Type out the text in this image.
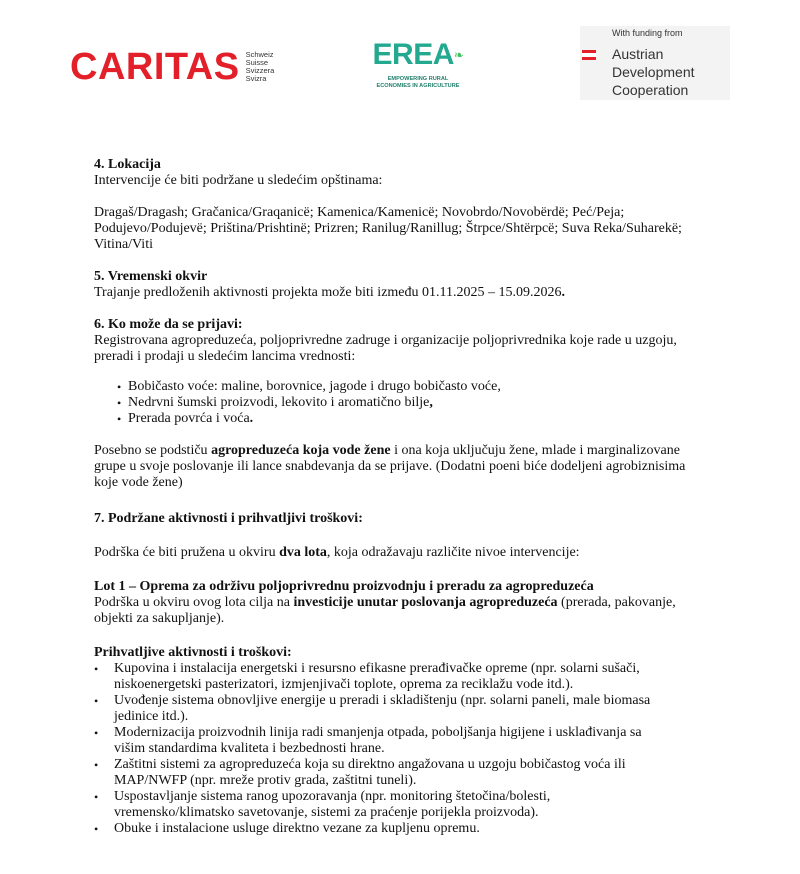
CARITAS Schweiz
Suisse
Svizzera
Svizra
EREA❧
EMPOWERING RURAL
ECONOMIES IN AGRICULTURE
With funding from
Austrian
Development
Cooperation

4. Lokacija

Intervencije će biti podržane u sledećim opštinama:

Dragaš/Dragash; Gračanica/Graqanicë; Kamenica/Kamenicë; Novobrdo/Novobërdë; Peć/Peja;

Podujevo/Podujevë; Priština/Prishtinë; Prizren; Ranilug/Ranillug; Štrpce/Shtërpcë; Suva Reka/Suharekë;

Vitina/Viti

5. Vremenski okvir

Trajanje predloženih aktivnosti projekta može biti između 01.11.2025 – 15.09.2026.

6. Ko može da se prijavi:

Registrovana agropreduzeća, poljoprivredne zadruge i organizacije poljoprivrednika koje rade u uzgoju,

preradi i prodaji u sledećim lancima vrednosti:

• Bobičasto voće: maline, borovnice, jagode i drugo bobičasto voće,
• Nedrvni šumski proizvodi, lekovito i aromatično bilje,
• Prerada povrća i voća.

Posebno se podstiču agropreduzeća koja vode žene i ona koja uključuju žene, mlade i marginalizovane

grupe u svoje poslovanje ili lance snabdevanja da se prijave. (Dodatni poeni biće dodeljeni agrobiznisima

koje vode žene)

7. Podržane aktivnosti i prihvatljivi troškovi:

Podrška će biti pružena u okviru dva lota, koja odražavaju različite nivoe intervencije:

Lot 1 – Oprema za održivu poljoprivrednu proizvodnju i preradu za agropreduzeća

Podrška u okviru ovog lota cilja na investicije unutar poslovanja agropreduzeća (prerada, pakovanje,

objekti za sakupljanje).

Prihvatljive aktivnosti i troškovi:

• Kupovina i instalacija energetski i resursno efikasne prerađivačke opreme (npr. solarni sušači,
niskoenergetski pasterizatori, izmjenjivači toplote, oprema za reciklažu vode itd.).
• Uvođenje sistema obnovljive energije u preradi i skladištenju (npr. solarni paneli, male biomasa
jedinice itd.).
• Modernizacija proizvodnih linija radi smanjenja otpada, poboljšanja higijene i usklađivanja sa
višim standardima kvaliteta i bezbednosti hrane.
• Zaštitni sistemi za agropreduzeća koja su direktno angažovana u uzgoju bobičastog voća ili
MAP/NWFP (npr. mreže protiv grada, zaštitni tuneli).
• Uspostavljanje sistema ranog upozoravanja (npr. monitoring štetočina/bolesti,
vremensko/klimatsko savetovanje, sistemi za praćenje porijekla proizvoda).
• Obuke i instalacione usluge direktno vezane za kupljenu opremu.
